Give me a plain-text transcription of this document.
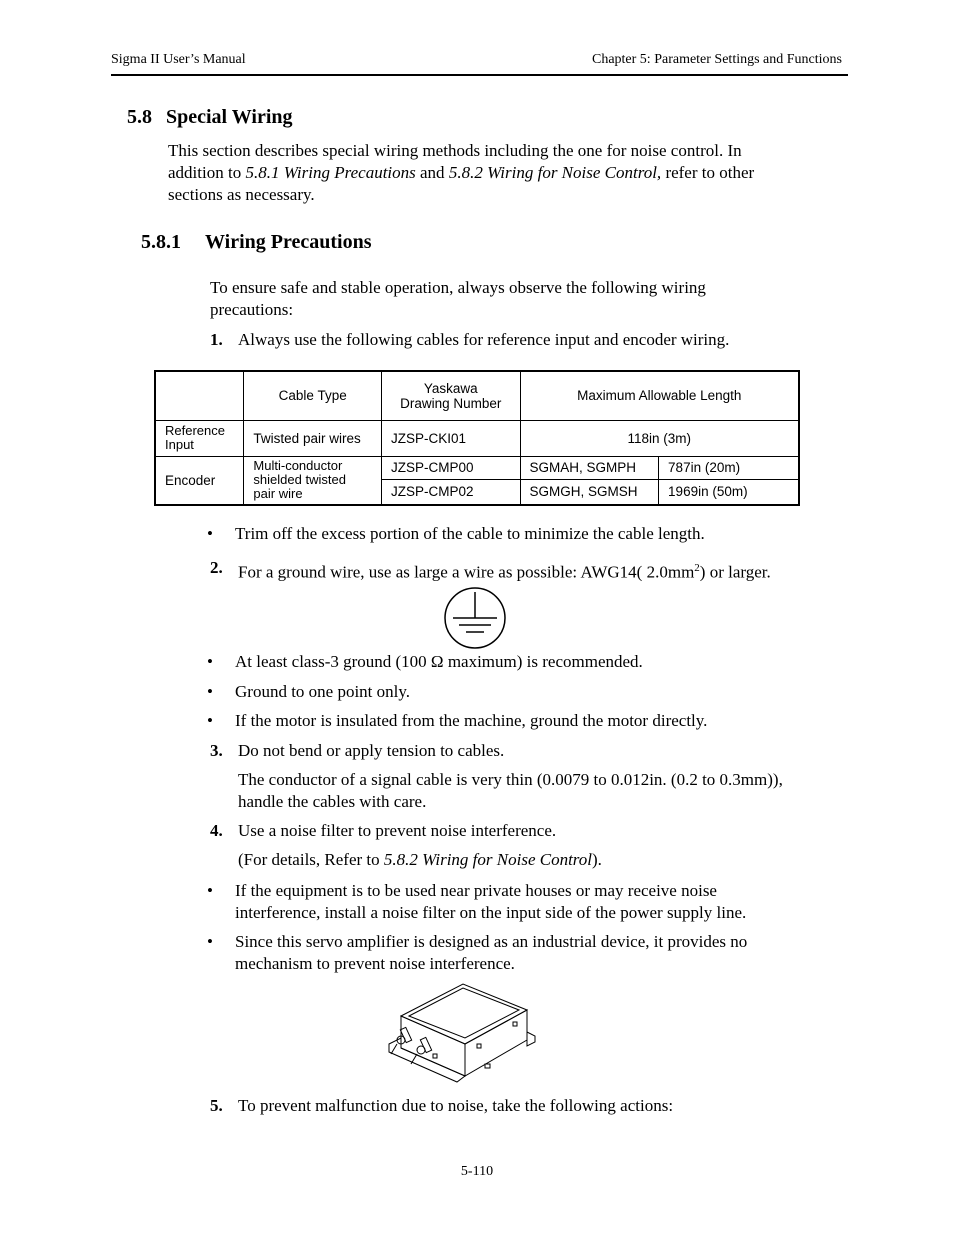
Sigma II User’s Manual	Chapter 5: Parameter Settings and Functions
5.8 Special Wiring
This section describes special wiring methods including the one for noise control. In
addition to 5.8.1 Wiring Precautions and 5.8.2 Wiring for Noise Control, refer to other
sections as necessary.
5.8.1 Wiring Precautions
To ensure safe and stable operation, always observe the following wiring
precautions:
1. Always use the following cables for reference input and encoder wiring.
	Cable Type	Yaskawa
Drawing Number	Maximum Allowable Length	

Reference
Input	Twisted pair wires	JZSP-CKI01	118in (3m)	
Encoder	Multi-conductor
shielded twisted
pair wire	JZSP-CMP00	SGMAH, SGMPH	787in (20m)
		JZSP-CMP02	SGMGH, SGMSH	1969in (50m)
• Trim off the excess portion of the cable to minimize the cable length.
2. For a ground wire, use as large a wire as possible: AWG14( $2.0mm^2$) or larger.
• At least class-3 ground (100 Ω maximum) is recommended.
• Ground to one point only.
• If the motor is insulated from the machine, ground the motor directly.
3. Do not bend or apply tension to cables.
The conductor of a signal cable is very thin (0.0079 to 0.012in. (0.2 to 0.3mm)),
handle the cables with care.
4. Use a noise filter to prevent noise interference.
(For details, Refer to 5.8.2 Wiring for Noise Control).
• If the equipment is to be used near private houses or may receive noise
interference, install a noise filter on the input side of the power supply line.
• Since this servo amplifier is designed as an industrial device, it provides no
mechanism to prevent noise interference.
5. To prevent malfunction due to noise, take the following actions:
5-110
